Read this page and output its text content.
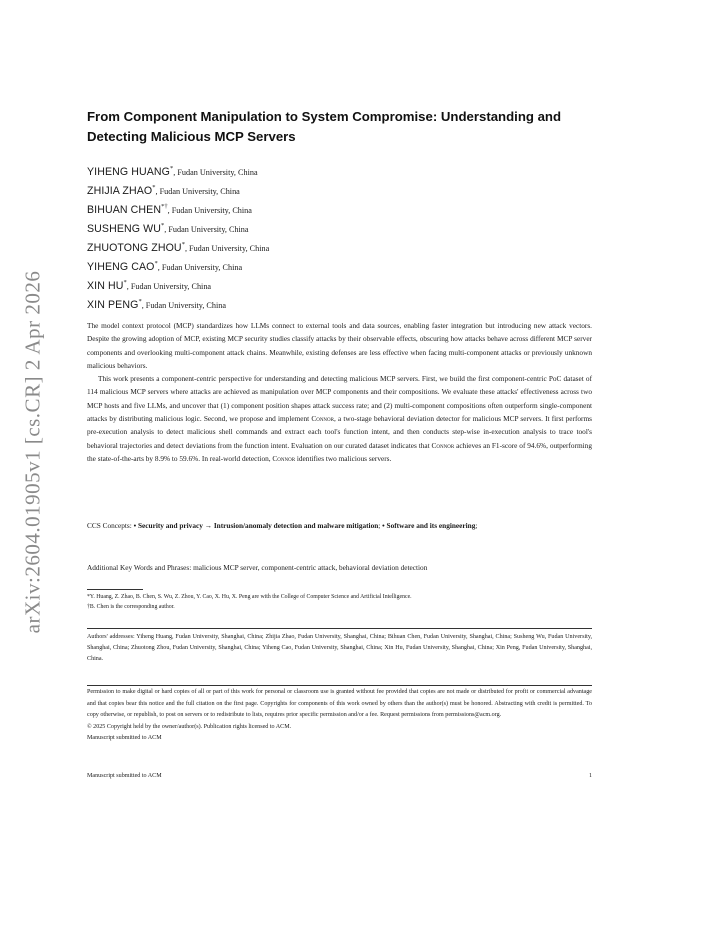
arXiv:2604.01905v1 [cs.CR] 2 Apr 2026
From Component Manipulation to System Compromise: Understanding and
Detecting Malicious MCP Servers
YIHENG HUANG*, Fudan University, China
ZHIJIA ZHAO*, Fudan University, China
BIHUAN CHEN*†, Fudan University, China
SUSHENG WU*, Fudan University, China
ZHUOTONG ZHOU*, Fudan University, China
YIHENG CAO*, Fudan University, China
XIN HU*, Fudan University, China
XIN PENG*, Fudan University, China

The model context protocol (MCP) standardizes how LLMs connect to external tools and data sources, enabling faster integration but introducing new attack vectors. Despite the growing adoption of MCP, existing MCP security studies classify attacks by their observable effects, obscuring how attacks behave across different MCP server components and overlooking multi-component attack chains. Meanwhile, existing defenses are less effective when facing multi-component attacks or previously unknown malicious behaviors.

This work presents a component-centric perspective for understanding and detecting malicious MCP servers. First, we build the first component-centric PoC dataset of 114 malicious MCP servers where attacks are achieved as manipulation over MCP components and their compositions. We evaluate these attacks' effectiveness across two MCP hosts and five LLMs, and uncover that (1) component position shapes attack success rate; and (2) multi-component compositions often outperform single-component attacks by distributing malicious logic. Second, we propose and implement Connor, a two-stage behavioral deviation detector for malicious MCP servers. It first performs pre-execution analysis to detect malicious shell commands and extract each tool's function intent, and then conducts step-wise in-execution analysis to trace tool's behavioral trajectories and detect deviations from the function intent. Evaluation on our curated dataset indicates that Connor achieves an F1-score of 94.6%, outperforming the state-of-the-arts by 8.9% to 59.6%. In real-world detection, Connor identifies two malicious servers.

CCS Concepts: • Security and privacy → Intrusion/anomaly detection and malware mitigation; • Software and its engineering;
Additional Key Words and Phrases: malicious MCP server, component-centric attack, behavioral deviation detection
*Y. Huang, Z. Zhao, B. Chen, S. Wu, Z. Zhou, Y. Cao, X. Hu, X. Peng are with the College of Computer Science and Artificial Intelligence.
†B. Chen is the corresponding author.
Authors' addresses: Yiheng Huang, Fudan University, Shanghai, China; Zhijia Zhao, Fudan University, Shanghai, China; Bihuan Chen, Fudan University, Shanghai, China; Susheng Wu, Fudan University, Shanghai, China; Zhuotong Zhou, Fudan University, Shanghai, China; Yiheng Cao, Fudan University, Shanghai, China; Xin Hu, Fudan University, Shanghai, China; Xin Peng, Fudan University, Shanghai, China.
Permission to make digital or hard copies of all or part of this work for personal or classroom use is granted without fee provided that copies are not made or distributed for profit or commercial advantage and that copies bear this notice and the full citation on the first page. Copyrights for components of this work owned by others than the author(s) must be honored. Abstracting with credit is permitted. To copy otherwise, or republish, to post on servers or to redistribute to lists, requires prior specific permission and/or a fee. Request permissions from permissions@acm.org.
© 2025 Copyright held by the owner/author(s). Publication rights licensed to ACM.
Manuscript submitted to ACM
Manuscript submitted to ACM	1
